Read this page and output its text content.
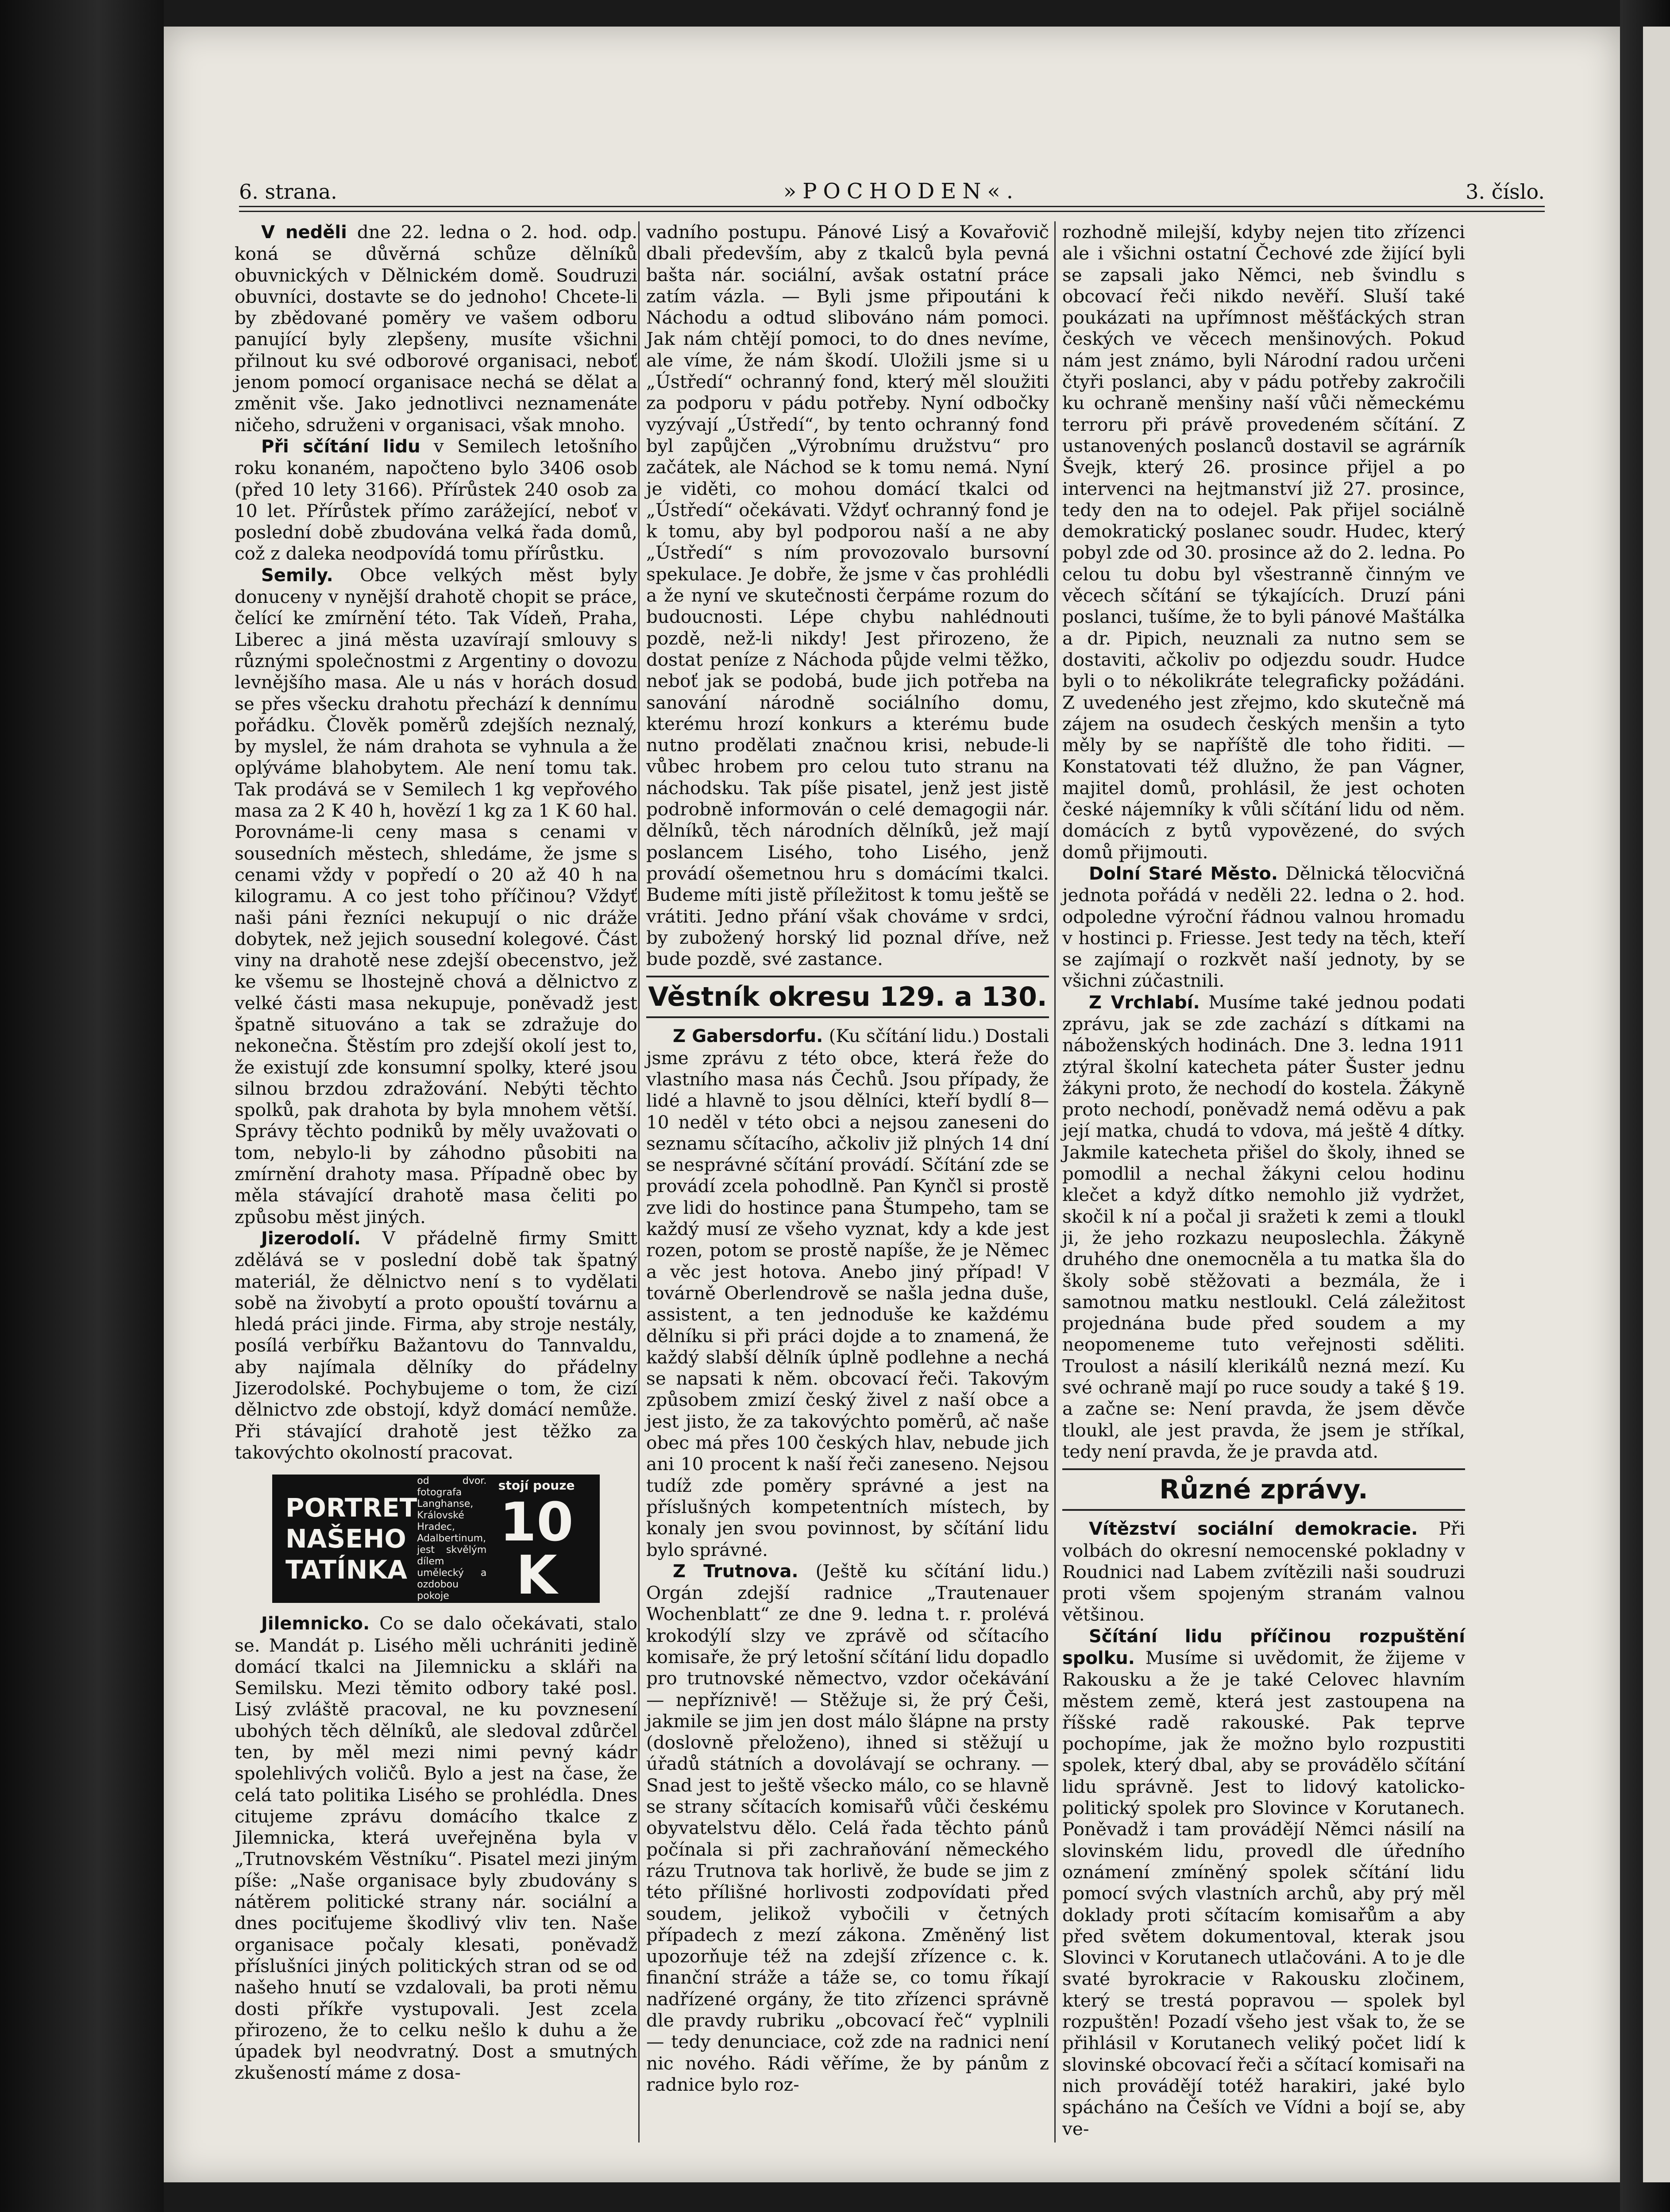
6. strana.	»POCHODEN«.	3. číslo.

V neděli dne 22. ledna o 2. hod. odp. koná se důvěrná schůze dělníků obuvnických v Dělnickém domě. Soudruzi obuvníci, dostavte se do jednoho! Chcete-li by zbědované poměry ve vašem odboru panující byly zlepšeny, musíte všichni přilnout ku své odborové organisaci, neboť jenom pomocí organisace nechá se dělat a změnit vše. Jako jednotlivci neznamenáte ničeho, sdruženi v organisaci, však mnoho.

Při sčítání lidu v Semilech letošního roku konaném, napočteno bylo 3406 osob (před 10 lety 3166). Přírůstek 240 osob za 10 let. Přírůstek přímo zarážející, neboť v poslední době zbudována velká řada domů, což z daleka neodpovídá tomu přírůstku.

Semily. Obce velkých měst byly donuceny v nynější drahotě chopit se práce, čelící ke zmírnění této. Tak Vídeň, Praha, Liberec a jiná města uzavírají smlouvy s různými společnostmi z Argentiny o dovozu levnějšího masa. Ale u nás v horách dosud se přes všecku drahotu přechází k dennímu pořádku. Člověk poměrů zdejších neznalý, by myslel, že nám drahota se vyhnula a že oplýváme blahobytem. Ale není tomu tak. Tak prodává se v Semilech 1 kg vepřového masa za 2 K 40 h, hovězí 1 kg za 1 K 60 hal. Porovnáme-li ceny masa s cenami v sousedních městech, shledáme, že jsme s cenami vždy v popředí o 20 až 40 h na kilogramu. A co jest toho příčinou? Vždyť naši páni řezníci nekupují o nic dráže dobytek, než jejich sousední kolegové. Část viny na drahotě nese zdejší obecenstvo, jež ke všemu se lhostejně chová a dělnictvo z velké části masa nekupuje, poněvadž jest špatně situováno a tak se zdražuje do nekonečna. Štěstím pro zdejší okolí jest to, že existují zde konsumní spolky, které jsou silnou brzdou zdražování. Nebýti těchto spolků, pak drahota by byla mnohem větší. Správy těchto podniků by měly uvažovati o tom, nebylo-li by záhodno působiti na zmírnění drahoty masa. Případně obec by měla stávající drahotě masa čeliti po způsobu měst jiných.

Jizerodolí. V přádelně firmy Smitt zdělává se v poslední době tak špatný materiál, že dělnictvo není s to vydělati sobě na živobytí a proto opouští továrnu a hledá práci jinde. Firma, aby stroje nestály, posílá verbířku Bažantovu do Tannvaldu, aby najímala dělníky do přádelny Jizerodolské. Pochybujeme o tom, že cizí dělnictvo zde obstojí, když domácí nemůže. Při stávající drahotě jest těžko za takovýchto okolností pracovat.

PORTRET
NAŠEHO
TATÍNKA
od dvor. fotografa Langhanse, Královské Hradec, Adalbertinum, jest skvělým dílem umělecký a ozdobou pokoje
stojí pouze
10 K

Jilemnicko. Co se dalo očekávati, stalo se. Mandát p. Lisého měli uchrániti jedině domácí tkalci na Jilemnicku a skláři na Semilsku. Mezi těmito odbory také posl. Lisý zvláště pracoval, ne ku povznesení ubohých těch dělníků, ale sledoval zdůrčel ten, by měl mezi nimi pevný kádr spolehlivých voličů. Bylo a jest na čase, že celá tato politika Lisého se prohlédla. Dnes citujeme zprávu domácího tkalce z Jilemnicka, která uveřejněna byla v „Trutnovském Věstníku“. Pisatel mezi jiným píše: „Naše organisace byly zbudovány s nátěrem politické strany nár. sociální a dnes pociťujeme škodlivý vliv ten. Naše organisace počaly klesati, poněvadž příslušníci jiných politických stran od se od našeho hnutí se vzdalovali, ba proti němu dosti příkře vystupovali. Jest zcela přirozeno, že to celku nešlo k duhu a že úpadek byl neodvratný. Dost a smutných zkušeností máme z dosa-

vadního postupu. Pánové Lisý a Kovařovič dbali především, aby z tkalců byla pevná bašta nár. sociální, avšak ostatní práce zatím vázla. — Byli jsme připoutáni k Náchodu a odtud slibováno nám pomoci. Jak nám chtějí pomoci, to do dnes nevíme, ale víme, že nám škodí. Uložili jsme si u „Ústředí“ ochranný fond, který měl sloužiti za podporu v pádu potřeby. Nyní odbočky vyzývají „Ústředí“, by tento ochranný fond byl zapůjčen „Výrobnímu družstvu“ pro začátek, ale Náchod se k tomu nemá. Nyní je viděti, co mohou domácí tkalci od „Ústředí“ očekávati. Vždyť ochranný fond je k tomu, aby byl podporou naší a ne aby „Ústředí“ s ním provozovalo bursovní spekulace. Je dobře, že jsme v čas prohlédli a že nyní ve skutečnosti čerpáme rozum do budoucnosti. Lépe chybu nahlédnouti pozdě, než-li nikdy! Jest přirozeno, že dostat peníze z Náchoda půjde velmi těžko, neboť jak se podobá, bude jich potřeba na sanování národně sociálního domu, kterému hrozí konkurs a kterému bude nutno prodělati značnou krisi, nebude-li vůbec hrobem pro celou tuto stranu na náchodsku. Tak píše pisatel, jenž jest jistě podrobně informován o celé demagogii nár. dělníků, těch národních dělníků, jež mají poslancem Lisého, toho Lisého, jenž provádí ošemetnou hru s domácími tkalci. Budeme míti jistě příležitost k tomu ještě se vrátiti. Jedno přání však chováme v srdci, by zubožený horský lid poznal dříve, než bude pozdě, své zastance.

Věstník okresu 129. a 130.

Z Gabersdorfu. (Ku sčítání lidu.) Dostali jsme zprávu z této obce, která řeže do vlastního masa nás Čechů. Jsou případy, že lidé a hlavně to jsou dělníci, kteří bydlí 8—10 neděl v této obci a nejsou zaneseni do seznamu sčítacího, ačkoliv již plných 14 dní se nesprávné sčítání provádí. Sčítání zde se provádí zcela pohodlně. Pan Kynčl si prostě zve lidi do hostince pana Štumpeho, tam se každý musí ze všeho vyznat, kdy a kde jest rozen, potom se prostě napíše, že je Němec a věc jest hotova. Anebo jiný případ! V továrně Oberlendrově se našla jedna duše, assistent, a ten jednoduše ke každému dělníku si při práci dojde a to znamená, že každý slabší dělník úplně podlehne a nechá se napsati k něm. obcovací řeči. Takovým způsobem zmizí český živel z naší obce a jest jisto, že za takovýchto poměrů, ač naše obec má přes 100 českých hlav, nebude jich ani 10 procent k naší řeči zaneseno. Nejsou tudíž zde poměry správné a jest na příslušných kompetentních místech, by konaly jen svou povinnost, by sčítání lidu bylo správné.

Z Trutnova. (Ještě ku sčítání lidu.) Orgán zdejší radnice „Trautenauer Wochenblatt“ ze dne 9. ledna t. r. prolévá krokodýlí slzy ve zprávě od sčítacího komisaře, že prý letošní sčítání lidu dopadlo pro trutnovské němectvo, vzdor očekávání — nepříznivě! — Stěžuje si, že prý Češi, jakmile se jim jen dost málo šlápne na prsty (doslovně přeloženo), ihned si stěžují u úřadů státních a dovolávají se ochrany. — Snad jest to ještě všecko málo, co se hlavně se strany sčítacích komisařů vůči českému obyvatelstvu dělo. Celá řada těchto pánů počínala si při zachraňování německého rázu Trutnova tak horlivě, že bude se jim z této přílišné horlivosti zodpovídati před soudem, jelikož vybočili v četných případech z mezí zákona. Změněný list upozorňuje též na zdejší zřízence c. k. finanční stráže a táže se, co tomu říkají nadřízené orgány, že tito zřízenci správně dle pravdy rubriku „obcovací řeč“ vyplnili — tedy denunciace, což zde na radnici není nic nového. Rádi věříme, že by pánům z radnice bylo roz-

rozhodně milejší, kdyby nejen tito zřízenci ale i všichni ostatní Čechové zde žijící byli se zapsali jako Němci, neb švindlu s obcovací řeči nikdo nevěří. Sluší také poukázati na upřímnost měšťáckých stran českých ve věcech menšinových. Pokud nám jest známo, byli Národní radou určeni čtyři poslanci, aby v pádu potřeby zakročili ku ochraně menšiny naší vůči německému terroru při právě provedeném sčítání. Z ustanovených poslanců dostavil se agrárník Švejk, který 26. prosince přijel a po intervenci na hejtmanství již 27. prosince, tedy den na to odejel. Pak přijel sociálně demokratický poslanec soudr. Hudec, který pobyl zde od 30. prosince až do 2. ledna. Po celou tu dobu byl všestranně činným ve věcech sčítání se týkajících. Druzí páni poslanci, tušíme, že to byli pánové Maštálka a dr. Pipich, neuznali za nutno sem se dostaviti, ačkoliv po odjezdu soudr. Hudce byli o to nékolikráte telegraficky požádáni. Z uvedeného jest zřejmo, kdo skutečně má zájem na osudech českých menšin a tyto měly by se napříště dle toho řiditi. — Konstatovati též dlužno, že pan Vágner, majitel domů, prohlásil, že jest ochoten české nájemníky k vůli sčítání lidu od něm. domácích z bytů vypovězené, do svých domů přijmouti.

Dolní Staré Město. Dělnická tělocvičná jednota pořádá v neděli 22. ledna o 2. hod. odpoledne výroční řádnou valnou hromadu v hostinci p. Friesse. Jest tedy na těch, kteří se zajímají o rozkvět naší jednoty, by se všichni zúčastnili.

Z Vrchlabí. Musíme také jednou podati zprávu, jak se zde zachází s dítkami na náboženských hodinách. Dne 3. ledna 1911 ztýral školní katecheta páter Šuster jednu žákyni proto, že nechodí do kostela. Žákyně proto nechodí, poněvadž nemá oděvu a pak její matka, chudá to vdova, má ještě 4 dítky. Jakmile katecheta přišel do školy, ihned se pomodlil a nechal žákyni celou hodinu klečet a když dítko nemohlo již vydržet, skočil k ní a počal ji sražeti k zemi a tloukl ji, že jeho rozkazu neuposlechla. Žákyně druhého dne onemocněla a tu matka šla do školy sobě stěžovati a bezmála, že i samotnou matku nestloukl. Celá záležitost projednána bude před soudem a my neopomeneme tuto veřejnosti sděliti. Troulost a násilí klerikálů nezná mezí. Ku své ochraně mají po ruce soudy a také § 19. a začne se: Není pravda, že jsem děvče tloukl, ale jest pravda, že jsem je stříkal, tedy není pravda, že je pravda atd.

Různé zprávy.

Vítězství sociální demokracie. Při volbách do okresní nemocenské pokladny v Roudnici nad Labem zvítězili naši soudruzi proti všem spojeným stranám valnou většinou.

Sčítání lidu příčinou rozpuštění spolku. Musíme si uvědomit, že žijeme v Rakousku a že je také Celovec hlavním městem země, která jest zastoupena na říšské radě rakouské. Pak teprve pochopíme, jak že možno bylo rozpustiti spolek, který dbal, aby se provádělo sčítání lidu správně. Jest to lidový katolicko-politický spolek pro Slovince v Korutanech. Poněvadž i tam provádějí Němci násilí na slovinském lidu, provedl dle úředního oznámení zmíněný spolek sčítání lidu pomocí svých vlastních archů, aby prý měl doklady proti sčítacím komisařům a aby před světem dokumentoval, kterak jsou Slovinci v Korutanech utlačováni. A to je dle svaté byrokracie v Rakousku zločinem, který se trestá popravou — spolek byl rozpuštěn! Pozadí všeho jest však to, že se přihlásil v Korutanech veliký počet lidí k slovinské obcovací řeči a sčítací komisaři na nich provádějí totéž harakiri, jaké bylo spácháno na Češích ve Vídni a bojí se, aby ve-
